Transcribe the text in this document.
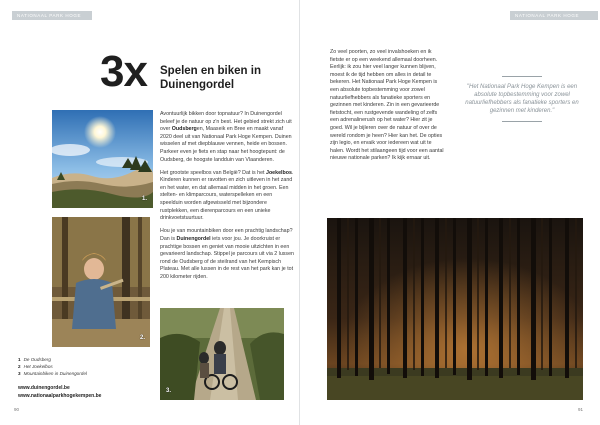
NATIONAAL PARK HOGE KEMPEN
3x Spelen en biken in
Duinengordel
1.
2.
3.

Avontuurlijk bikken door topnatuur? In Duinengordel beleef je de natuur op z'n best. Het gebied strekt zich uit over Oudsbergen, Maaseik en Bree en maakt vanaf 2020 deel uit van Nationaal Park Hoge Kempen. Duinen wisselen af met diepblauwe vennen, heide en bossen. Parkeer even je fiets en stap naar het hoogtepunt: de Oudsberg, de hoogste landduin van Vlaanderen.

Het grootste speelbos van België? Dat is het Joekelbos. Kinderen kunnen er ravotten en zich uitleven in het zand en het water, en dat allemaal midden in het groen. Een stelten- en klimparcours, waterspelleken en een speelduin worden afgewisseld met bijzondere rustplekken, een dierenparcours en een unieke drinkvoetstuurtuur.

Hou je van mountainbiken door een prachtig landschap? Dan is Duinengordel iets voor jou. Je doorkruist er prachtige bossen en geniet van mooie uitzichten in een gevarieerd landschap. Stippel je parcours uit via 2 lussen rond de Oudsberg of de steilrand van het Kempisch Plateau. Met alle lussen in de rest van het park kan je tot 200 kilometer rijden.

1 De Oudsberg
2 Het Joekelbos
3 Mountainbiken in Duinengordel
www.duinengordel.be
www.nationaalparkhogekempen.be
90
NATIONAAL PARK HOGE KEMPEN

Zo veel poorten, zo veel invalshoeken en ik fietste er op een weekend allemaal doorheen. Eerlijk: ik zou hier veel langer kunnen blijven, moest ik de tijd hebben om alles in detail te bekeren. Het Nationaal Park Hoge Kempen is een absolute topbestemming voor zowel natuurliefhebbers als fanatieke sporters en gezinnen met kinderen. Zin in een gevarieerde fietstocht, een rustgevende wandeling of zelfs een adrenalinerush op het water? Hier zit je goed. Wil je bijleren over de natuur of over de wereld rondom je heen? Hier kan het. De opties zijn legio, en ervaik voor iedereen wat uit te halen. Wordt het stilaangeen tijd voor een aantal nieuwe nationale parken? Ik kijk ernaar uit.

"Het Nationaal Park Hoge Kempen is een absolute topbestemming voor zowel natuurliefhebbers als fanatieke sporters en gezinnen met kinderen."
91
